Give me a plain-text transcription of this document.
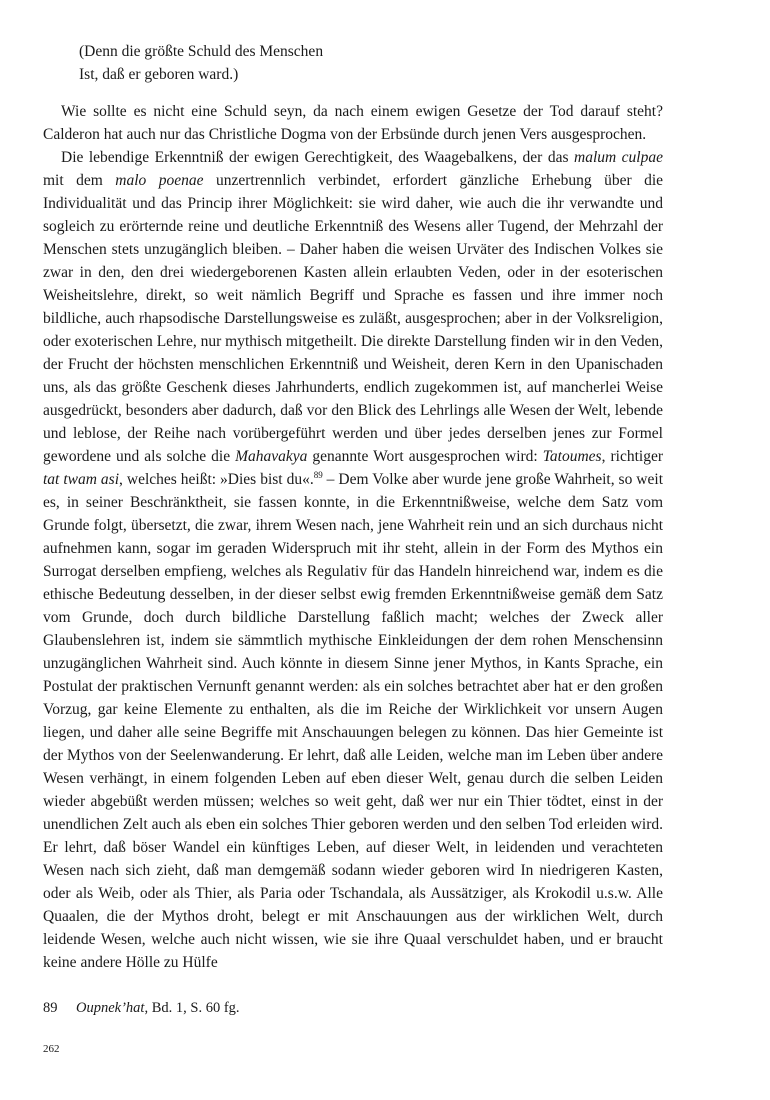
(Denn die größte Schuld des Menschen
Ist, daß er geboren ward.)

Wie sollte es nicht eine Schuld seyn, da nach einem ewigen Gesetze der Tod darauf steht? Calderon hat auch nur das Christliche Dogma von der Erbsünde durch jenen Vers ausgesprochen.

Die lebendige Erkenntniß der ewigen Gerechtigkeit, des Waagebalkens, der das malum culpae mit dem malo poenae unzertrennlich verbindet, erfordert gänzliche Erhebung über die Individualität und das Princip ihrer Möglichkeit: sie wird daher, wie auch die ihr verwandte und sogleich zu erörternde reine und deutliche Erkenntniß des Wesens aller Tugend, der Mehrzahl der Menschen stets unzugänglich bleiben. – Daher haben die weisen Urväter des Indischen Volkes sie zwar in den, den drei wiedergeborenen Kasten allein erlaubten Veden, oder in der esoterischen Weisheitslehre, direkt, so weit nämlich Begriff und Sprache es fassen und ihre immer noch bildliche, auch rhapsodische Darstellungsweise es zuläßt, ausgesprochen; aber in der Volksreligion, oder exoterischen Lehre, nur mythisch mitgetheilt. Die direkte Darstellung finden wir in den Veden, der Frucht der höchsten menschlichen Erkenntniß und Weisheit, deren Kern in den Upanischaden uns, als das größte Geschenk dieses Jahrhunderts, endlich zugekommen ist, auf mancherlei Weise ausgedrückt, besonders aber dadurch, daß vor den Blick des Lehrlings alle Wesen der Welt, lebende und leblose, der Reihe nach vorübergeführt werden und über jedes derselben jenes zur Formel gewordene und als solche die Mahavakya genannte Wort ausgesprochen wird: Tatoumes, richtiger tat twam asi, welches heißt: »Dies bist du«.$^{89}$ – Dem Volke aber wurde jene große Wahrheit, so weit es, in seiner Beschränktheit, sie fassen konnte, in die Erkenntnißweise, welche dem Satz vom Grunde folgt, übersetzt, die zwar, ihrem Wesen nach, jene Wahrheit rein und an sich durchaus nicht aufnehmen kann, sogar im geraden Widerspruch mit ihr steht, allein in der Form des Mythos ein Surrogat derselben empfieng, welches als Regulativ für das Handeln hinreichend war, indem es die ethische Bedeutung desselben, in der dieser selbst ewig fremden Erkenntnißweise gemäß dem Satz vom Grunde, doch durch bildliche Darstellung faßlich macht; welches der Zweck aller Glaubenslehren ist, indem sie sämmtlich mythische Einkleidungen der dem rohen Menschensinn unzugänglichen Wahrheit sind. Auch könnte in diesem Sinne jener Mythos, in Kants Sprache, ein Postulat der praktischen Vernunft genannt werden: als ein solches betrachtet aber hat er den großen Vorzug, gar keine Elemente zu enthalten, als die im Reiche der Wirklichkeit vor unsern Augen liegen, und daher alle seine Begriffe mit Anschauungen belegen zu können. Das hier Gemeinte ist der Mythos von der Seelenwanderung. Er lehrt, daß alle Leiden, welche man im Leben über andere Wesen verhängt, in einem folgenden Leben auf eben dieser Welt, genau durch die selben Leiden wieder abgebüßt werden müssen; welches so weit geht, daß wer nur ein Thier tödtet, einst in der unendlichen Zelt auch als eben ein solches Thier geboren werden und den selben Tod erleiden wird. Er lehrt, daß böser Wandel ein künftiges Leben, auf dieser Welt, in leidenden und verachteten Wesen nach sich zieht, daß man demgemäß sodann wieder geboren wird In niedrigeren Kasten, oder als Weib, oder als Thier, als Paria oder Tschandala, als Aussätziger, als Krokodil u.s.w. Alle Quaalen, die der Mythos droht, belegt er mit Anschauungen aus der wirklichen Welt, durch leidende Wesen, welche auch nicht wissen, wie sie ihre Quaal verschuldet haben, und er braucht keine andere Hölle zu Hülfe

89 Oupnek’hat, Bd. 1, S. 60 fg.
262
